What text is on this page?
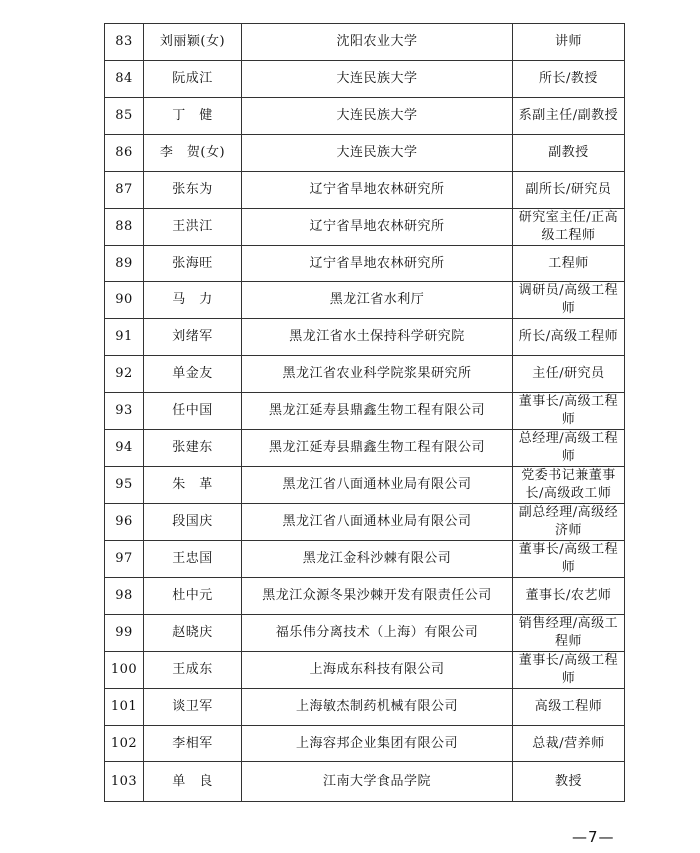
83	刘丽颖(女)	沈阳农业大学	讲师
84	阮成江	大连民族大学	所长/教授
85	丁　健	大连民族大学	系副主任/副教授
86	李　贺(女)	大连民族大学	副教授
87	张东为	辽宁省旱地农林研究所	副所长/研究员
88	王洪江	辽宁省旱地农林研究所	研究室主任/正高级工程师
89	张海旺	辽宁省旱地农林研究所	工程师
90	马　力	黑龙江省水利厅	调研员/高级工程师
91	刘绪军	黑龙江省水土保持科学研究院	所长/高级工程师
92	单金友	黑龙江省农业科学院浆果研究所	主任/研究员
93	任中国	黑龙江延寿县鼎鑫生物工程有限公司	董事长/高级工程师
94	张建东	黑龙江延寿县鼎鑫生物工程有限公司	总经理/高级工程师
95	朱　革	黑龙江省八面通林业局有限公司	党委书记兼董事长/高级政工师
96	段国庆	黑龙江省八面通林业局有限公司	副总经理/高级经济师
97	王忠国	黑龙江金科沙棘有限公司	董事长/高级工程师
98	杜中元	黑龙江众源冬果沙棘开发有限责任公司	董事长/农艺师
99	赵晓庆	福乐伟分离技术（上海）有限公司	销售经理/高级工程师
100	王成东	上海成东科技有限公司	董事长/高级工程师
101	谈卫军	上海敏杰制药机械有限公司	高级工程师
102	李相军	上海容邦企业集团有限公司	总裁/营养师
103	单　良	江南大学食品学院	教授
—7—
